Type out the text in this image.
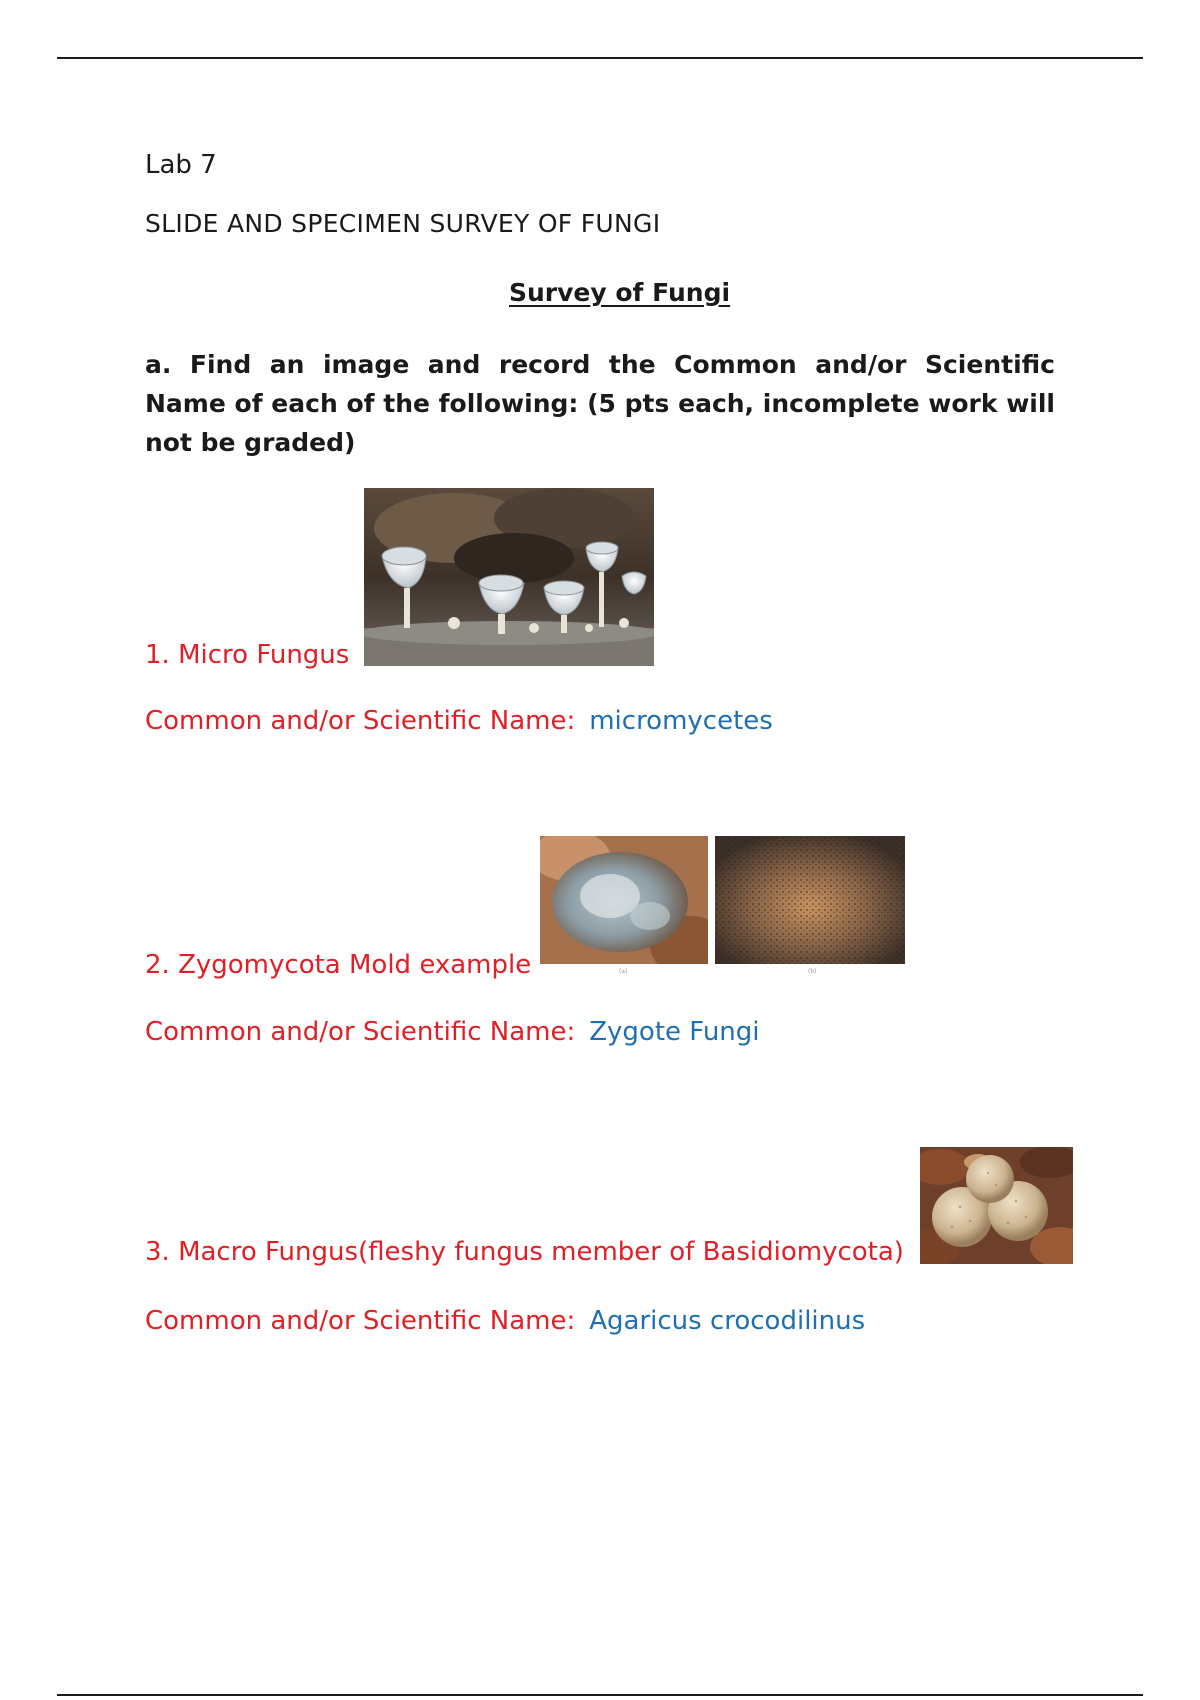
Lab 7
SLIDE AND SPECIMEN SURVEY OF FUNGI
Survey of Fungi
a. Find an image and record the Common and/or Scientific Name of each of the following: (5 pts each, incomplete work will not be graded)
1. Micro Fungus
Common and/or Scientific Name: micromycetes
(a)	(b)
2. Zygomycota Mold example
Common and/or Scientific Name: Zygote Fungi
3. Macro Fungus(fleshy fungus member of Basidiomycota)
Common and/or Scientific Name: Agaricus crocodilinus
